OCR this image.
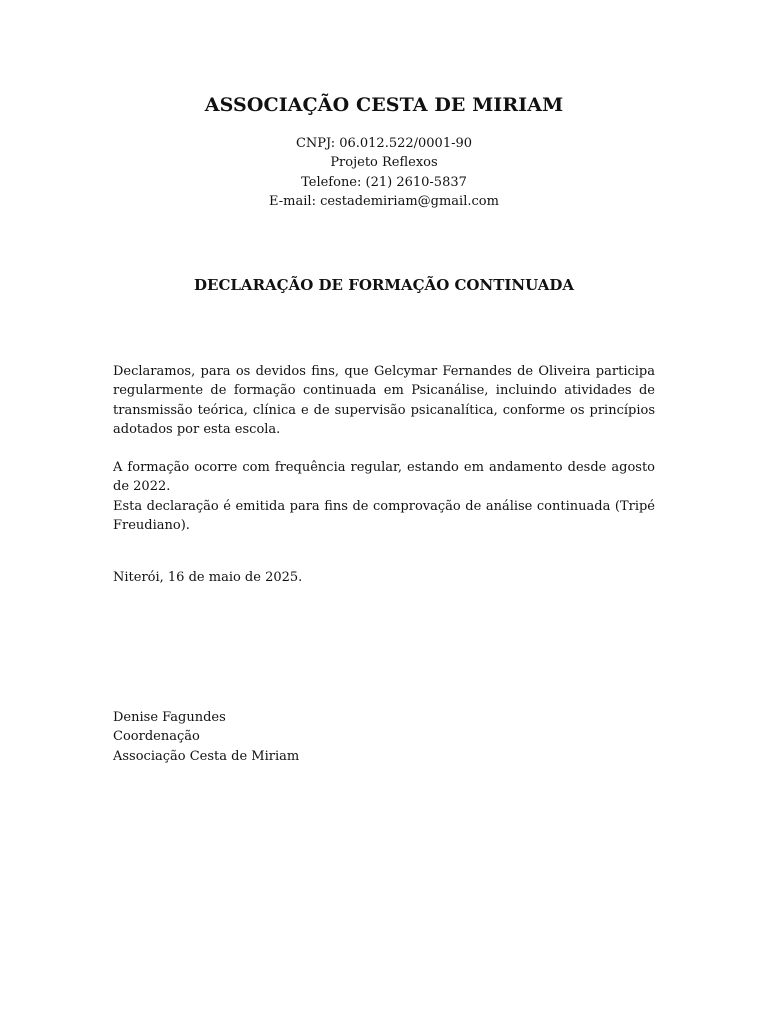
ASSOCIAÇÃO CESTA DE MIRIAM
CNPJ: 06.012.522/0001-90
Projeto Reflexos
Telefone: (21) 2610-5837
E-mail: cestademiriam@gmail.com
DECLARAÇÃO DE FORMAÇÃO CONTINUADA

Declaramos, para os devidos fins, que Gelcymar Fernandes de Oliveira participa regularmente de formação continuada em Psicanálise, incluindo atividades de transmissão teórica, clínica e de supervisão psicanalítica, conforme os princípios adotados por esta escola.

A formação ocorre com frequência regular, estando em andamento desde agosto de 2022.

Esta declaração é emitida para fins de comprovação de análise continuada (Tripé Freudiano).

Niterói, 16 de maio de 2025.

Denise Fagundes
Coordenação
Associação Cesta de Miriam
